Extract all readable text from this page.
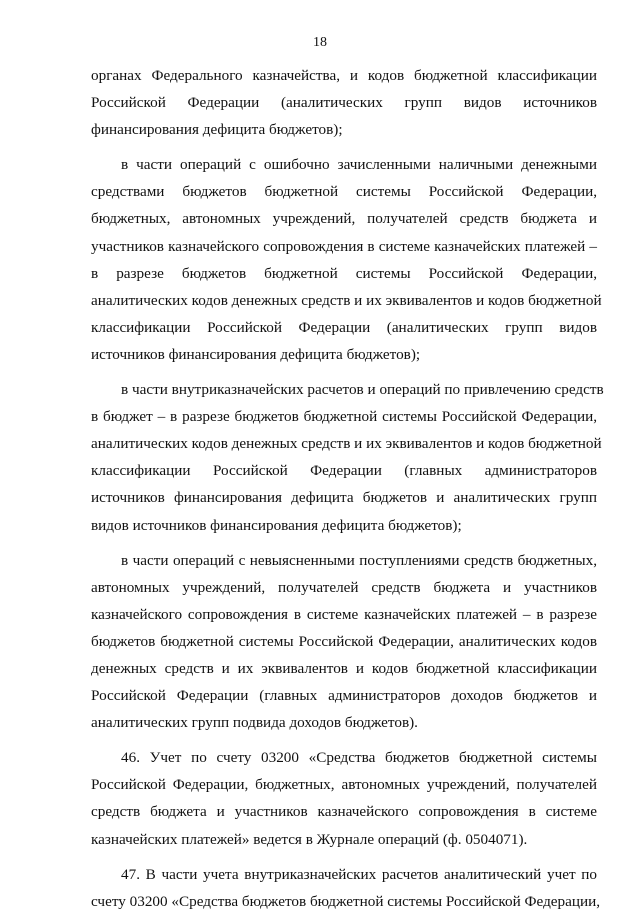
18
органах Федерального казначейства, и кодов бюджетной классификации
Российской Федерации (аналитических групп видов источников
финансирования дефицита бюджетов);
в части операций с ошибочно зачисленными наличными денежными
средствами бюджетов бюджетной системы Российской Федерации,
бюджетных, автономных учреждений, получателей средств бюджета и
участников казначейского сопровождения в системе казначейских платежей –
в разрезе бюджетов бюджетной системы Российской Федерации,
аналитических кодов денежных средств и их эквивалентов и кодов бюджетной
классификации Российской Федерации (аналитических групп видов
источников финансирования дефицита бюджетов);
в части внутриказначейских расчетов и операций по привлечению средств
в бюджет – в разрезе бюджетов бюджетной системы Российской Федерации,
аналитических кодов денежных средств и их эквивалентов и кодов бюджетной
классификации Российской Федерации (главных администраторов
источников финансирования дефицита бюджетов и аналитических групп
видов источников финансирования дефицита бюджетов);
в части операций с невыясненными поступлениями средств бюджетных,
автономных учреждений, получателей средств бюджета и участников
казначейского сопровождения в системе казначейских платежей – в разрезе
бюджетов бюджетной системы Российской Федерации, аналитических кодов
денежных средств и их эквивалентов и кодов бюджетной классификации
Российской Федерации (главных администраторов доходов бюджетов и
аналитических групп подвида доходов бюджетов).
46. Учет по счету 03200 «Средства бюджетов бюджетной системы
Российской Федерации, бюджетных, автономных учреждений, получателей
средств бюджета и участников казначейского сопровождения в системе
казначейских платежей» ведется в Журнале операций (ф. 0504071).
47. В части учета внутриказначейских расчетов аналитический учет по
счету 03200 «Средства бюджетов бюджетной системы Российской Федерации,
